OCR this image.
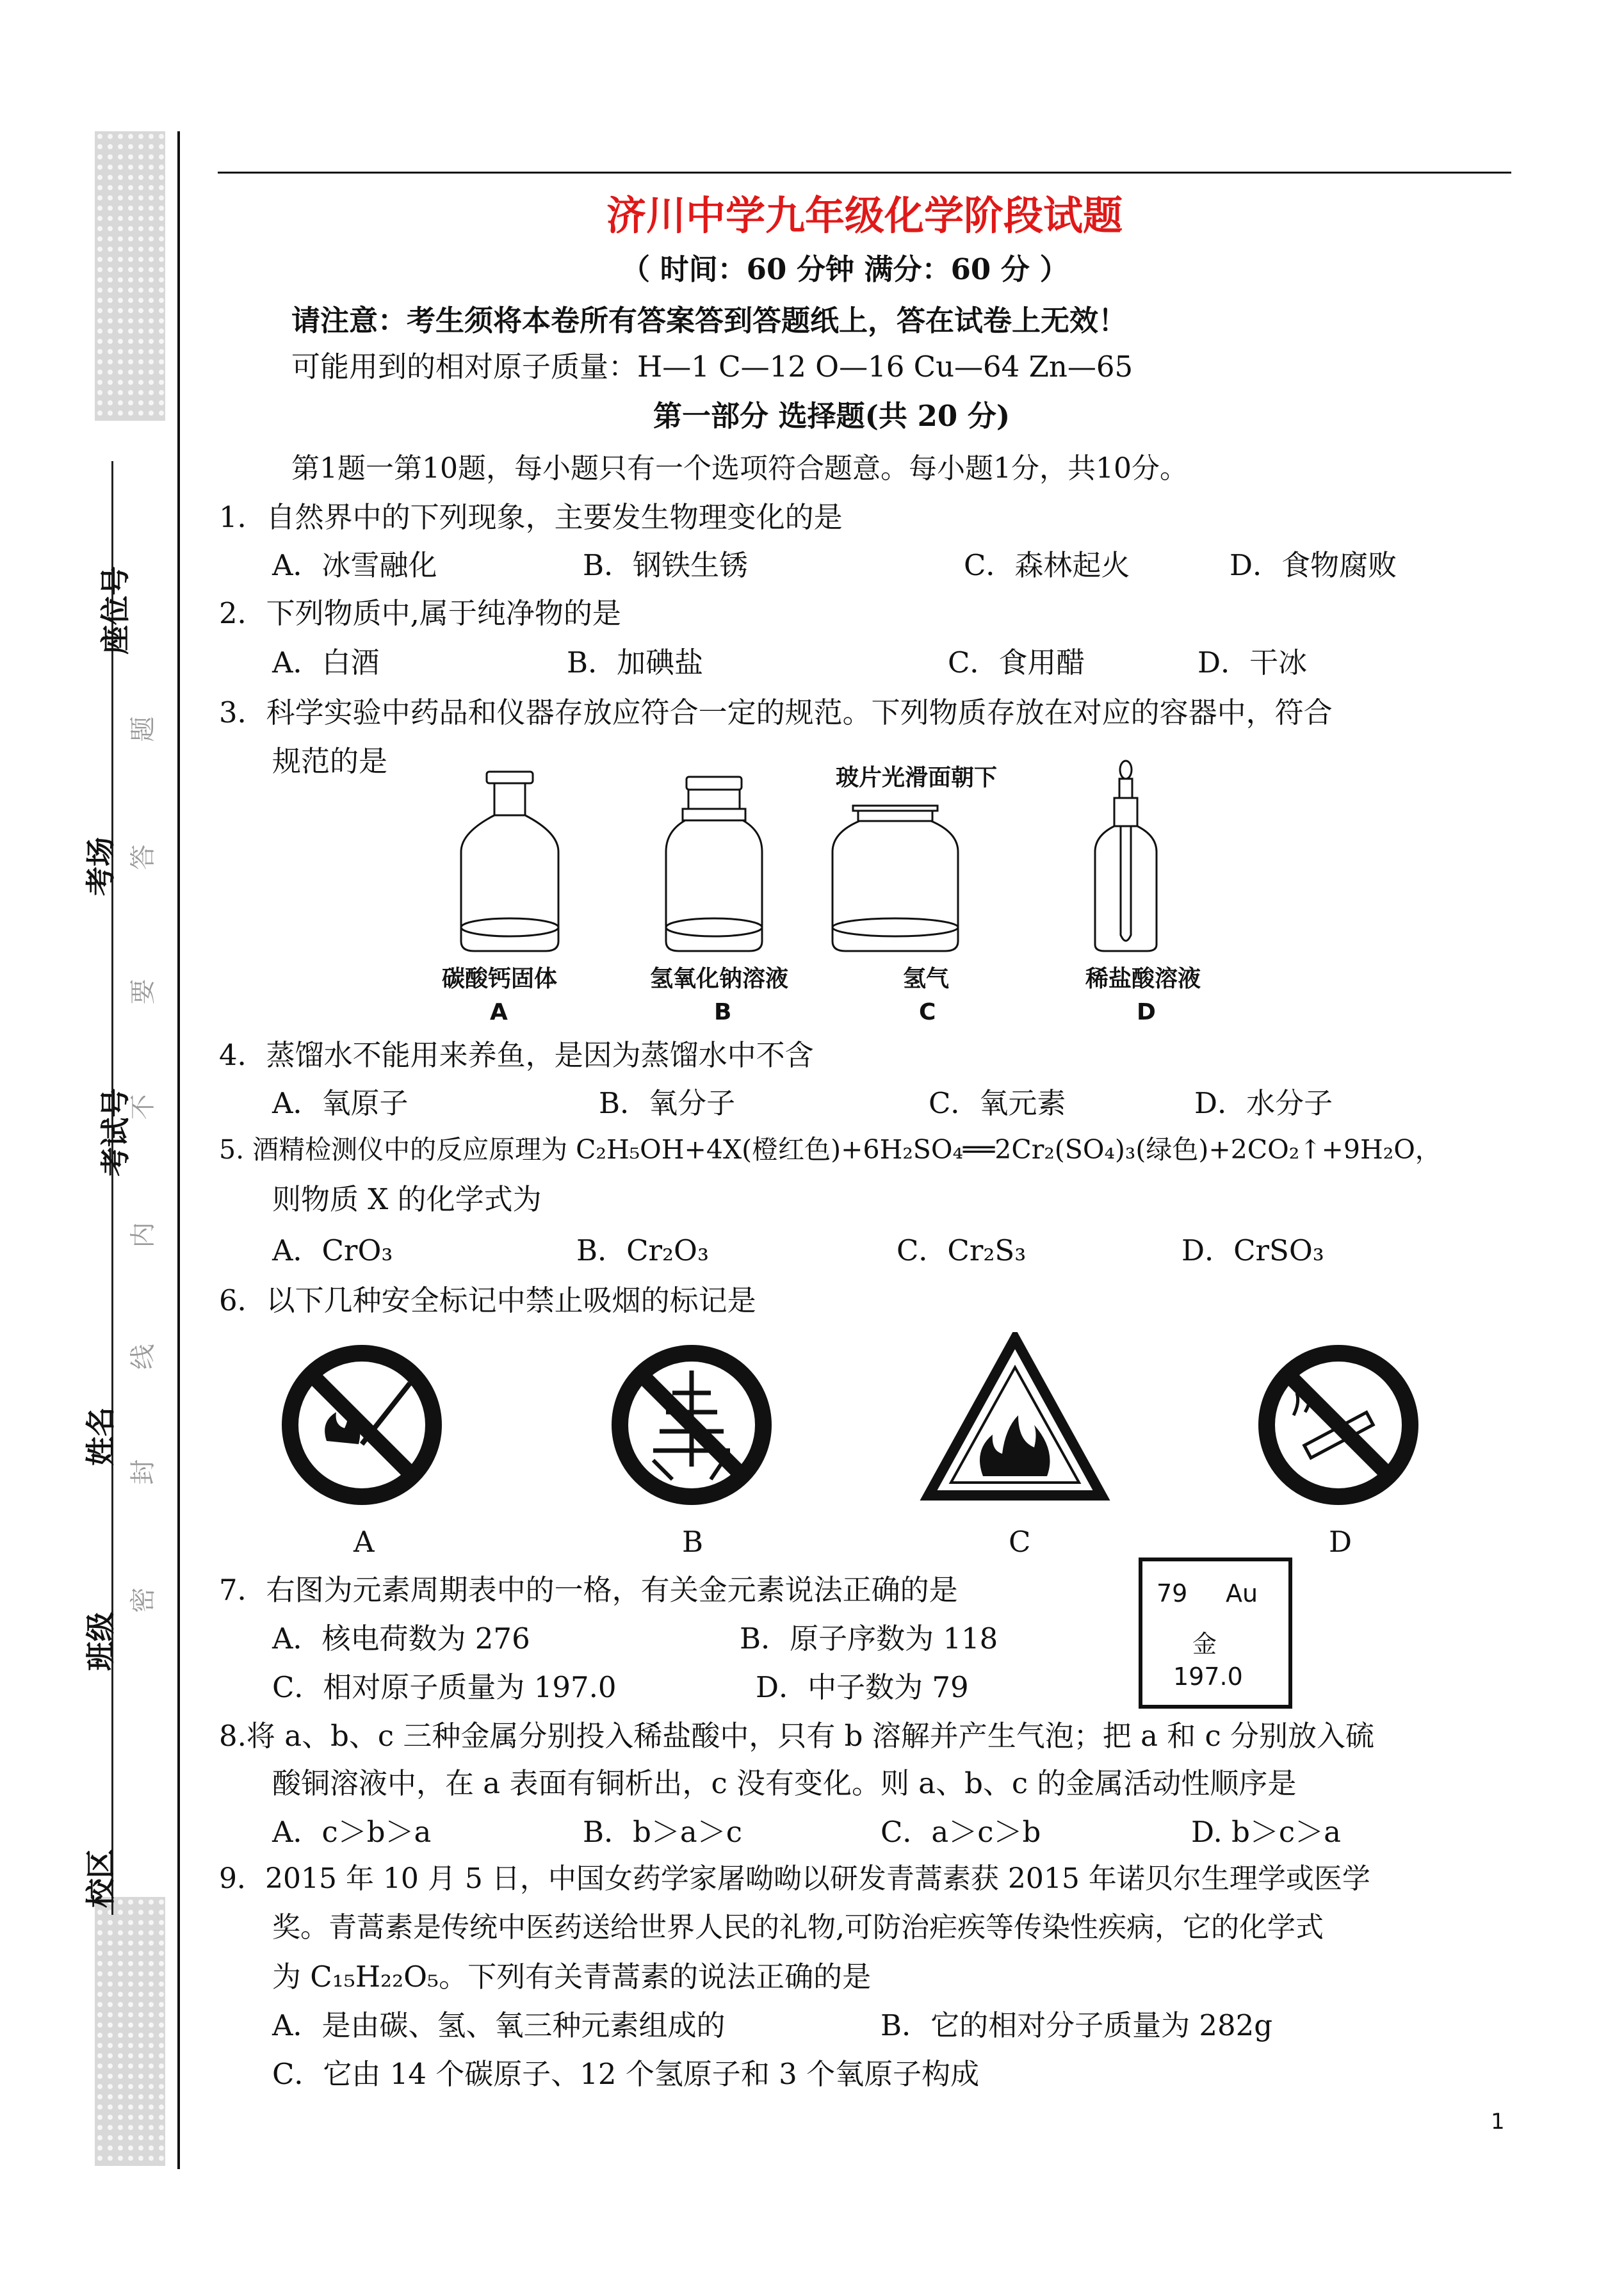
座位号
考场
考试号
姓名
班级
校区
题
答
要
不
内
线
封
密
济川中学九年级化学阶段试题
（ 时间：60 分钟 满分：60 分 ）
请注意：考生须将本卷所有答案答到答题纸上，答在试卷上无效！
可能用到的相对原子质量：H—1 C—12 O—16 Cu—64 Zn—65
第一部分 选择题(共 20 分)
第1题一第10题，每小题只有一个选项符合题意。每小题1分，共10分。
1．自然界中的下列现象，主要发生物理变化的是
A．冰雪融化	B．钢铁生锈	C．森林起火	D．食物腐败
2．下列物质中,属于纯净物的是
A．白酒	B．加碘盐	C．食用醋	D．干冰
3．科学实验中药品和仪器存放应符合一定的规范。下列物质存放在对应的容器中，符合
规范的是	玻片光滑面朝下
碳酸钙固体	氢氧化钠溶液	氢气	稀盐酸溶液
A	B	C	D
4．蒸馏水不能用来养鱼，是因为蒸馏水中不含
A．氧原子	B．氧分子	C．氧元素	D．水分子
5. 酒精检测仪中的反应原理为 C₂H₅OH+4X(橙红色)+6H₂SO₄══2Cr₂(SO₄)₃(绿色)+2CO₂↑+9H₂O，
则物质 X 的化学式为
A．CrO₃	B．Cr₂O₃	C．Cr₂S₃	D．CrSO₃
6．以下几种安全标记中禁止吸烟的标记是
A	B	C	D
7．右图为元素周期表中的一格，有关金元素说法正确的是
A．核电荷数为 276	B．原子序数为 118
C．相对原子质量为 197.0	D．中子数为 79
79 Au
金
197.0
8.将 a、b、c 三种金属分别投入稀盐酸中，只有 b 溶解并产生气泡；把 a 和 c 分别放入硫
酸铜溶液中，在 a 表面有铜析出，c 没有变化。则 a、b、c 的金属活动性顺序是
A．c＞b＞a	B．b＞a＞c	C．a＞c＞b	D. b＞c＞a
9．2015 年 10 月 5 日，中国女药学家屠呦呦以研发青蒿素获 2015 年诺贝尔生理学或医学
奖。青蒿素是传统中医药送给世界人民的礼物,可防治疟疾等传染性疾病，它的化学式
为 C₁₅H₂₂O₅。下列有关青蒿素的说法正确的是
A．是由碳、氢、氧三种元素组成的	B．它的相对分子质量为 282g
C．它由 14 个碳原子、12 个氢原子和 3 个氧原子构成
1
